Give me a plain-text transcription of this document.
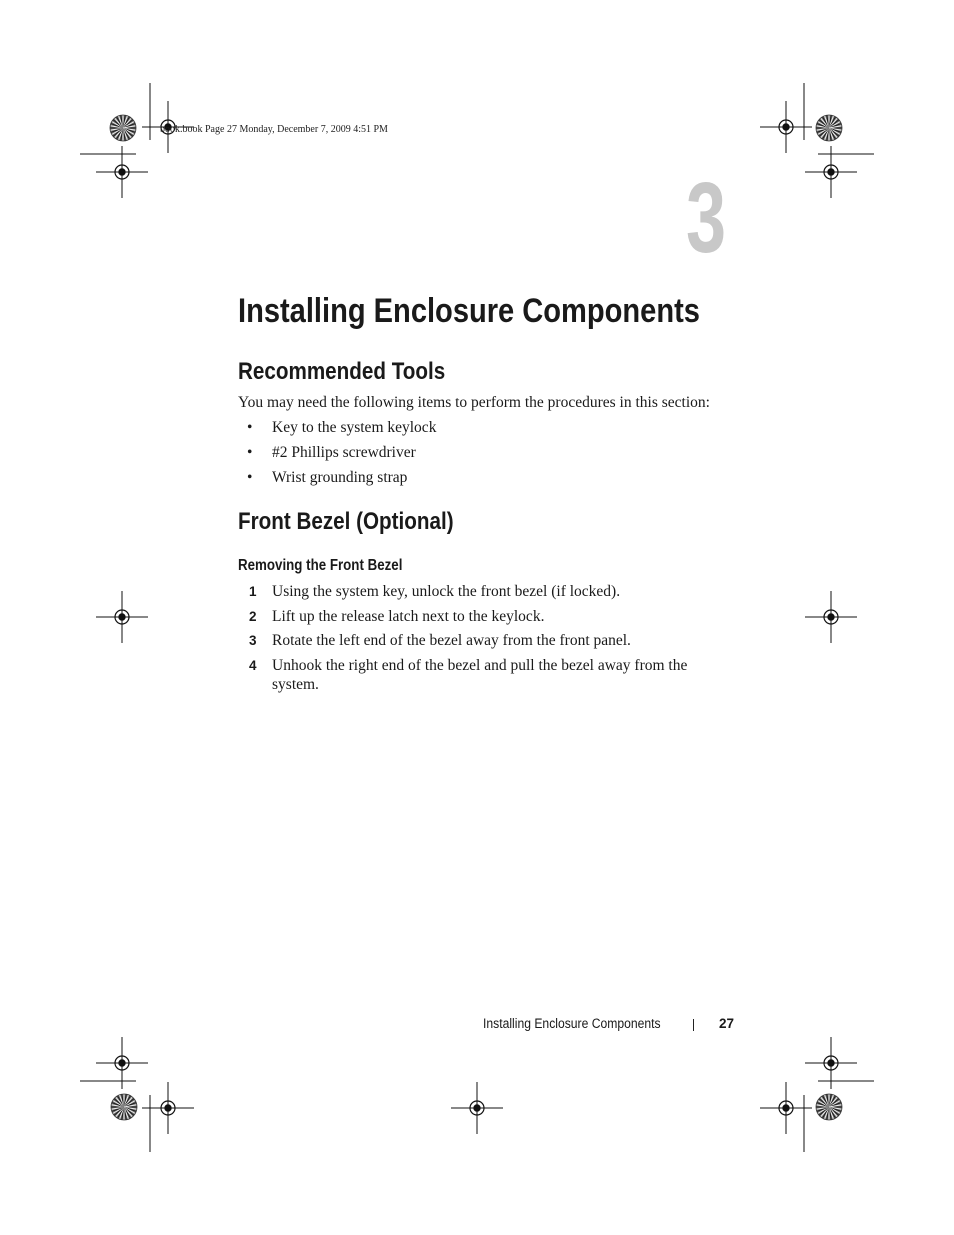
book.book Page 27 Monday, December 7, 2009 4:51 PM
3
Installing Enclosure Components
Recommended Tools
You may need the following items to perform the procedures in this section:
• Key to the system keylock
• #2 Phillips screwdriver
• Wrist grounding strap
Front Bezel (Optional)
Removing the Front Bezel
1 Using the system key, unlock the front bezel (if locked).
2 Lift up the release latch next to the keylock.
3 Rotate the left end of the bezel away from the front panel.
4 Unhook the right end of the bezel and pull the bezel away from the system.
Installing Enclosure Components	27
